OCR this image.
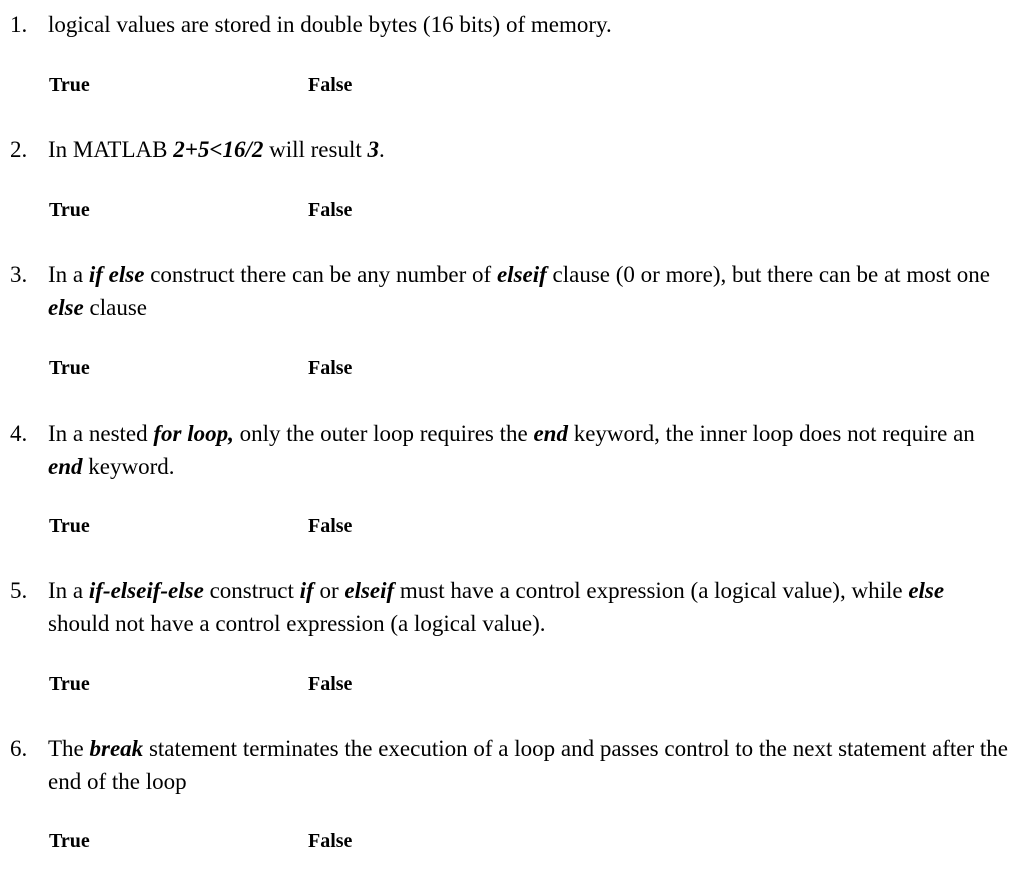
1. logical values are stored in double bytes (16 bits) of memory.

True	False
2. In MATLAB 2+5<16/2 will result 3.

True	False
3. In a if else construct there can be any number of elseif clause (0 or more), but there can be at most one else clause

True	False
4. In a nested for loop, only the outer loop requires the end keyword, the inner loop does not require an end keyword.

True	False
5. In a if-elseif-else construct if or elseif must have a control expression (a logical value), while else should not have a control expression (a logical value).

True	False
6. The break statement terminates the execution of a loop and passes control to the next statement after the end of the loop

True	False
